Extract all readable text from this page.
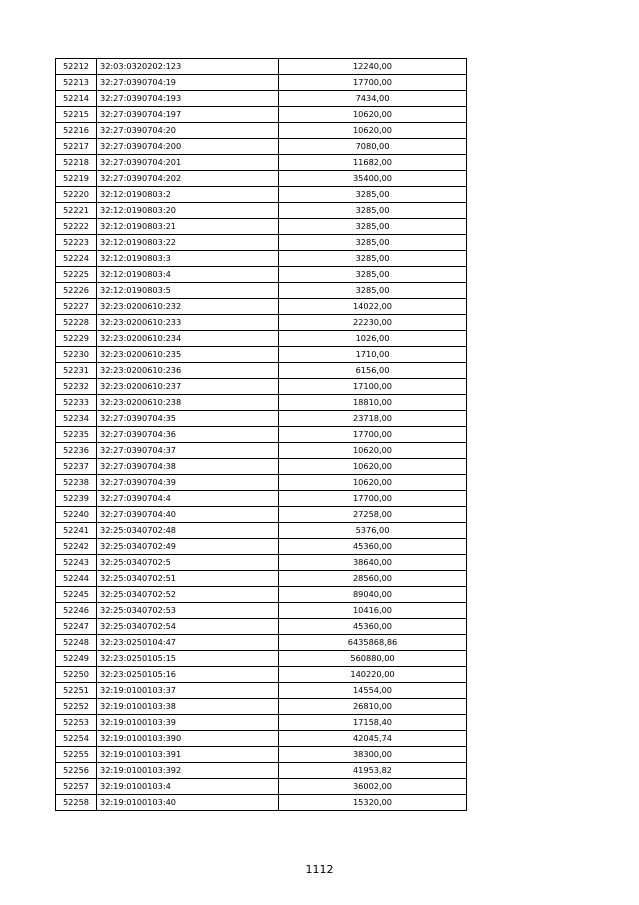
52212	32:03:0320202:123	12240,00
52213	32:27:0390704:19	17700,00
52214	32:27:0390704:193	7434,00
52215	32:27:0390704:197	10620,00
52216	32:27:0390704:20	10620,00
52217	32:27:0390704:200	7080,00
52218	32:27:0390704:201	11682,00
52219	32:27:0390704:202	35400,00
52220	32:12:0190803:2	3285,00
52221	32:12:0190803:20	3285,00
52222	32:12:0190803:21	3285,00
52223	32:12:0190803:22	3285,00
52224	32:12:0190803:3	3285,00
52225	32:12:0190803:4	3285,00
52226	32:12:0190803:5	3285,00
52227	32:23:0200610:232	14022,00
52228	32:23:0200610:233	22230,00
52229	32:23:0200610:234	1026,00
52230	32:23:0200610:235	1710,00
52231	32:23:0200610:236	6156,00
52232	32:23:0200610:237	17100,00
52233	32:23:0200610:238	18810,00
52234	32:27:0390704:35	23718,00
52235	32:27:0390704:36	17700,00
52236	32:27:0390704:37	10620,00
52237	32:27:0390704:38	10620,00
52238	32:27:0390704:39	10620,00
52239	32:27:0390704:4	17700,00
52240	32:27:0390704:40	27258,00
52241	32:25:0340702:48	5376,00
52242	32:25:0340702:49	45360,00
52243	32:25:0340702:5	38640,00
52244	32:25:0340702:51	28560,00
52245	32:25:0340702:52	89040,00
52246	32:25:0340702:53	10416,00
52247	32:25:0340702:54	45360,00
52248	32:23:0250104:47	6435868,86
52249	32:23:0250105:15	560880,00
52250	32:23:0250105:16	140220,00
52251	32:19:0100103:37	14554,00
52252	32:19:0100103:38	26810,00
52253	32:19:0100103:39	17158,40
52254	32:19:0100103:390	42045,74
52255	32:19:0100103:391	38300,00
52256	32:19:0100103:392	41953,82
52257	32:19:0100103:4	36002,00
52258	32:19:0100103:40	15320,00
1112
